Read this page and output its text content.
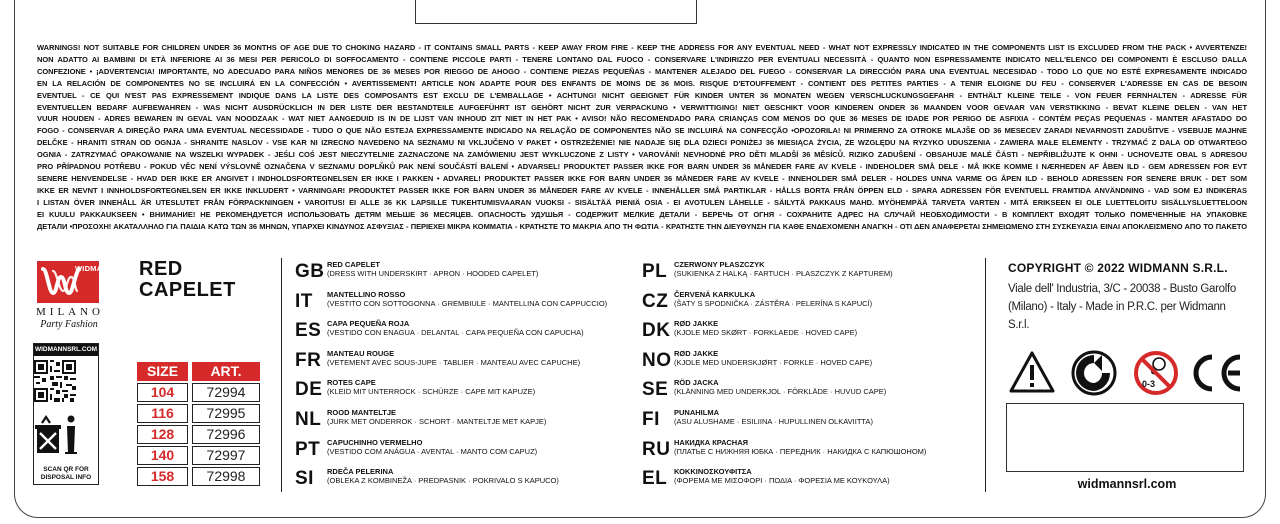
WARNINGS! NOT SUITABLE FOR CHILDREN UNDER 36 MONTHS OF AGE DUE TO CHOKING HAZARD - IT CONTAINS SMALL PARTS - KEEP AWAY FROM FIRE - KEEP THE ADDRESS FOR ANY EVENTUAL NEED - WHAT NOT EXPRESSLY INDICATED IN THE COMPONENTS LIST IS EXCLUDED FROM THE PACK • AVVERTENZE!
NON ADATTO AI BAMBINI DI ETÀ INFERIORE AI 36 MESI PER PERICOLO DI SOFFOCAMENTO - CONTIENE PICCOLE PARTI - TENERE LONTANO DAL FUOCO - CONSERVARE L'INDIRIZZO PER EVENTUALI NECESSITÀ - QUANTO NON ESPRESSAMENTE INDICATO NELL'ELENCO DEI COMPONENTI È ESCLUSO DALLA
CONFEZIONE • ¡ADVERTENCIA! IMPORTANTE, NO ADECUADO PARA NIÑOS MENORES DE 36 MESES POR RIEGGO DE AHOGO - CONTIENE PIEZAS PEQUEÑAS - MANTENER ALEJADO DEL FUEGO - CONSERVAR LA DIRECCIÓN PARA UNA EVENTUAL NECESIDAD - TODO LO QUE NO ESTÉ EXPRESAMENTE INDICADO
EN LA RELACIÓN DE COMPONENTES NO SE INCLUIRÁ EN LA CONFECCIÓN • AVERTISSEMENT! ARTICLE NON ADAPTE POUR DES ENFANTS DE MOINS DE 36 MOIS. RISQUE D'ETOUFFEMENT - CONTIENT DES PETITES PARTIES - A TENIR ELOIGNE DU FEU - CONSERVER L'ADRESSE EN CAS DE BESOIN
EVENTUEL - CE QUI N'EST PAS EXPRESSEMENT INDIQUE DANS LA LISTE DES COMPOSANTS EST EXCLU DE L'EMBALLAGE • ACHTUNG! NICHT GEEIGNET FÜR KINDER UNTER 36 MONATEN WEGEN VERSCHLUCKUNGSGEFAHR - ENTHÄLT KLEINE TEILE - VON FEUER FERNHALTEN - ADRESSE FÜR
EVENTUELLEN BEDARF AUFBEWAHREN - WAS NICHT AUSDRÜCKLICH IN DER LISTE DER BESTANDTEILE AUFGEFÜHRT IST GEHÖRT NICHT ZUR VERPACKUNG • VERWITTIGING! NIET GESCHIKT VOOR KINDEREN ONDER 36 MAANDEN VOOR GEVAAR VAN VERSTIKKING - BEVAT KLEINE DELEN - VAN HET
VUUR HOUDEN - ADRES BEWAREN IN GEVAL VAN NOODZAAK - WAT NIET AANGEDUID IS IN DE LIJST VAN INHOUD ZIT NIET IN HET PAK • AVISO! NÃO RECOMENDADO PARA CRIANÇAS COM MENOS DO QUE 36 MESES DE IDADE POR PERIGO DE ASFIXIA - CONTÉM PEÇAS PEQUENAS - MANTER AFASTADO DO
FOGO - CONSERVAR A DIREÇÃO PARA UMA EVENTUAL NECESSIDADE - TUDO O QUE NÃO ESTEJA EXPRESSAMENTE INDICADO NA RELAÇÃO DE COMPONENTES NÃO SE INCLUIRÁ NA CONFECÇÃO •OPOZORILA! NI PRIMERNO ZA OTROKE MLAJŠE OD 36 MESECEV ZARADI NEVARNOSTI ZADUŠITVE - VSEBUJE MAJHNE
DELČKE - HRANITI STRAN OD OGNJA - SHRANITE NASLOV - VSE KAR NI IZRECNO NAVEDENO NA SEZNAMU NI VKLJUČENO V PAKET • OSTRZEŻENIE! NIE NADAJE SIĘ DLA DZIECI PONIŻEJ 36 MIESIĄCA ŻYCIA, ZE WZGLĘDU NA RYZYKO UDUSZENIA - ZAWIERA MAŁE ELEMENTY - TRZYMAĆ Z DALA OD OTWARTEGO
OGNIA - ZATRZYMAĆ OPAKOWANIE NA WSZELKI WYPADEK - JEŚLI COŚ JEST NIECZYTELNIE ZAZNACZONE NA ZAMÓWIENIU JEST WYKLUCZONE Z LISTY • VAROVÁNÍ! NEVHODNÉ PRO DĚTI MLADŠÍ 36 MĚSÍCŮ. RIZIKO ZADUŠENÍ - OBSAHUJE MALÉ ČÁSTI - NEPŘIBLIŽUJTE K OHNI - UCHOVEJTE OBAL S ADRESOU
PRO PŘÍPADNOU POTŘEBU - POKUD VĚC NENÍ VÝSLOVNĚ OZNAČENA V SEZNAMU DOPLŇKŮ PAK NENÍ SOUČÁSTÍ BALENÍ • ADVARSEL! PRODUKTET PASSER IKKE FOR BARN UNDER 36 MÅNEDER FARE AV KVELE - INDEHOLDER SMÅ DELE - MÅ IKKE KOMME I NÆRHEDEN AF ÅBEN ILD - GEM ADRESSEN FOR EVT
SENERE HENVENDELSE - HVAD DER IKKE ER ANGIVET I INDHOLDSFORTEGNELSEN ER IKKE I PAKKEN • ADVAREL! PRODUKTET PASSER IKKE FOR BARN UNDER 36 MÅNEDER FARE AV KVELE - INNEHOLDER SMÅ DELER - HOLDES UNNA VARME OG ÅPEN ILD - BEHOLD ADRESSEN FOR SENERE BRUK - DET SOM
IKKE ER NEVNT I INNHOLDSFORTEGNELSEN ER IKKE INKLUDERT • VARNINGAR! PRODUKTET PASSER IKKE FOR BARN UNDER 36 MÅNEDER FARE AV KVELE - INNEHÅLLER SMÅ PARTIKLAR - HÅLLS BORTA FRÅN ÖPPEN ELD - SPARA ADRESSEN FÖR EVENTUELL FRAMTIDA ANVÄNDNING - VAD SOM EJ INDIKERAS
I LISTAN ÖVER INNEHÅLL ÄR UTESLUTET FRÅN FÖRPACKNINGEN • VAROITUS! EI ALLE 36 KK LAPSILLE TUKEHTUMISVAARAN VUOKSI - SISÄLTÄÄ PIENIÄ OSIA - EI AVOTULEN LÄHELLE - SÄILYTÄ PAKKAUS MAHD. MYÖHEMPÄÄ TARVETA VARTEN - MITÄ ERIKSEEN EI OLE LUETTELOITU SISÄLLYSLUETTELOON
EI KUULU PAKKAUKSEEN • ВНИМАНИЕ! НЕ РЕКОМЕНДУЕТСЯ ИСПОЛЬЗОВАТЬ ДЕТЯМ МЕЬШЕ 36 МЕСЯЦЕВ. ОПАСНОСТЬ УДУШЬЯ - СОДЕРЖИТ МЕЛКИЕ ДЕТАЛИ - БЕРЕЧЬ ОТ ОГНЯ - СОХРАНИТЕ АДРЕС НА СЛУЧАЙ НЕОБХОДИМОСТИ - В КОМПЛЕКТ ВХОДЯТ ТОЛЬКО ПОМЕЧЕННЫЕ НА УПАКОВКЕ
ДЕТАЛИ •ΠΡΟΣΟΧΗ! ΑΚΑΤΑΛΛΗΛΟ ΓΙΑ ΠΑΙΔΙΑ ΚΑΤΩ ΤΩΝ 36 ΜΗΝΩΝ, ΥΠΑΡΧΕΙ ΚΙΝΔΥΝΟΣ ΑΣΦΥΞΙΑΣ - ΠΕΡΙΕΧΕΙ ΜΙΚΡΑ ΚΟΜΜΑΤΙΑ - ΚΡΑΤΗΣΤΕ ΤΟ ΜΑΚΡΙΑ ΑΠΟ ΤΗ ΦΩΤΙΑ - ΚΡΑΤΗΣΤΕ ΤΗΝ ΔΙΕΥΘΥΝΣΗ ΓΙΑ ΚΑΘΕ ΕΝΔΕΧΟΜΕΝΗ ΑΝΑΓΚΗ - ΟΤΙ ΔΕΝ ΑΝΑΦΕΡΕΤΑΙ ΣΗΜΕΙΩΜΕΝΟ ΣΤΗ ΣΥΣΚΕΥΑΣΙΑ ΕΙΝΑΙ ΑΠΟΚΛΕΙΣΜΕΝΟ ΑΠΟ ΤΟ ΠΑΚΕΤΟ
WIDMANN®
MILANO
Party Fashion
RED
CAPELET
WIDMANNSRL.COM

SCAN QR FOR
DISPOSAL INFO
SIZE	ART.
104	72994
116	72995
128	72996
140	72997
158	72998
GB RED CAPELET
(DRESS WITH UNDERSKIRT · APRON · HOODED CAPELET)
IT MANTELLINO ROSSO
(VESTITO CON SOTTOGONNA · GREMBIULE · MANTELLINA CON CAPPUCCIO)
ES CAPA PEQUEÑA ROJA
(VESTIDO CON ENAGUA · DELANTAL · CAPA PEQUEÑA CON CAPUCHA)
FR MANTEAU ROUGE
(VETEMENT AVEC SOUS-JUPE · TABLIER · MANTEAU AVEC CAPUCHE)
DE ROTES CAPE
(KLEID MIT UNTERROCK · SCHÜRZE · CAPE MIT KAPUZE)
NL ROOD MANTELTJE
(JURK MET ONDERROK · SCHORT · MANTELTJE MET KAPJE)
PT CAPUCHINHO VERMELHO
(VESTIDO COM ANÁGUA · AVENTAL · MANTO COM CAPUZ)
SI RDEČA PELERINA
(OBLEKA Z KOMBINEŽA · PREDPASNIK · POKRIVALO S KAPUCO)
PL CZERWONY PŁASZCZYK
(SUKIENKA Z HALKĄ · FARTUCH · PŁASZCZYK Z KAPTUREM)
CZ ČERVENÁ KARKULKA
(ŠATY S SPODNIČKA · ZÁSTĚRA · PELERÍNA S KAPUCÍ)
DK RØD JAKKE
(KJOLE MED SKØRT · FORKLAEDE · HOVED CAPE)
NO RØD JAKKE
(KJOLE MED UNDERSKJØRT · FORKLE · HOVED CAPE)
SE RÖD JACKA
(KLÄNNING MED UNDERKJOL · FÖRKLÄDE · HUVUD CAPE)
FI PUNAHILMA
(ASU ALUSHAME · ESILIINA · HUPULLINEN OLKAVIITTA)
RU НАКИДКА КРАСНАЯ
(ПЛАТЬЕ С НИЖНЯЯ ЮБКА · ПЕРЕДНИК · НАКИДКА С КАПЮШОНОМ)
EL ΚΟΚΚΙΝΟΣΚΟΥΦΙΤΣΑ
(ΦΟΡΕΜΑ ΜΕ ΜΙΣΟΦΟΡΙ · ΠΟΔΙΑ · ΦΟΡΕΣΙΑ ΜΕ ΚΟΥΚΟΥΛΑ)
COPYRIGHT © 2022 WIDMANN S.R.L.
Viale dell' Industria, 3/C - 20038 - Busto Garolfo
(Milano) - Italy - Made in P.R.C. per Widmann S.r.l.
0-3
widmannsrl.com
